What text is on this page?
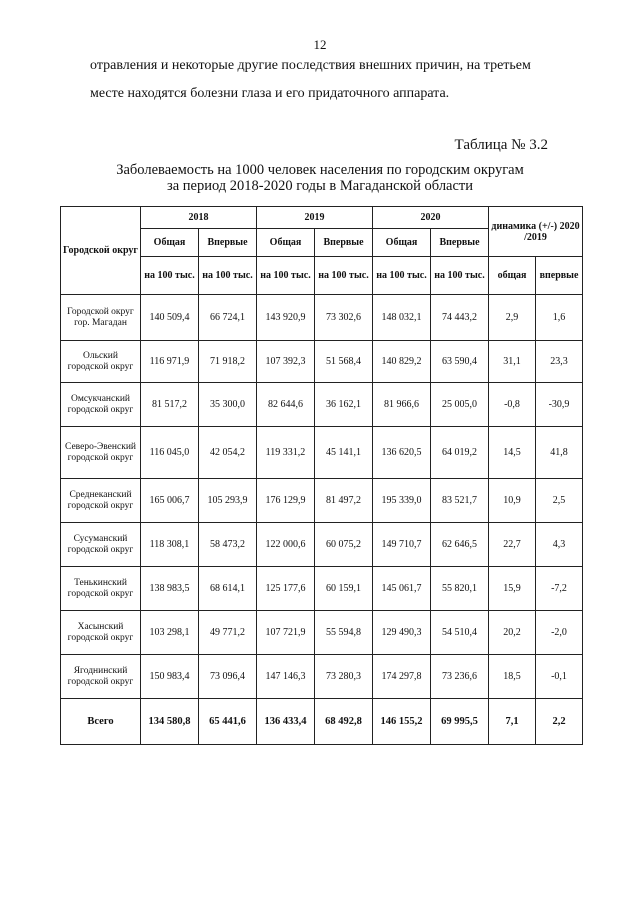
12
отравления и некоторые другие последствия внешних причин, на третьем
месте находятся болезни глаза и его придаточного аппарата.
Таблица № 3.2
Заболеваемость на 1000 человек населения по городским округам
за период 2018-2020 годы в Магаданской области
Городской округ	2018		2019		2020		динамика (+/-) 2020 /2019	
	Общая	Впервые	Общая	Впервые	Общая	Впервые		
	на 100 тыс.	на 100 тыс.	на 100 тыс.	на 100 тыс.	на 100 тыс.	на 100 тыс.	общая	впервые
Городской округ гор. Магадан	140 509,4	66 724,1	143 920,9	73 302,6	148 032,1	74 443,2	2,9	1,6
Ольский городской округ	116 971,9	71 918,2	107 392,3	51 568,4	140 829,2	63 590,4	31,1	23,3
Омсукчанский городской округ	81 517,2	35 300,0	82 644,6	36 162,1	81 966,6	25 005,0	-0,8	-30,9
Северо-Эвенский городской округ	116 045,0	42 054,2	119 331,2	45 141,1	136 620,5	64 019,2	14,5	41,8
Среднеканский городской округ	165 006,7	105 293,9	176 129,9	81 497,2	195 339,0	83 521,7	10,9	2,5
Сусуманский городской округ	118 308,1	58 473,2	122 000,6	60 075,2	149 710,7	62 646,5	22,7	4,3
Тенькинский городской округ	138 983,5	68 614,1	125 177,6	60 159,1	145 061,7	55 820,1	15,9	-7,2
Хасынский городской округ	103 298,1	49 771,2	107 721,9	55 594,8	129 490,3	54 510,4	20,2	-2,0
Ягоднинский городской округ	150 983,4	73 096,4	147 146,3	73 280,3	174 297,8	73 236,6	18,5	-0,1
Всего	134 580,8	65 441,6	136 433,4	68 492,8	146 155,2	69 995,5	7,1	2,2
